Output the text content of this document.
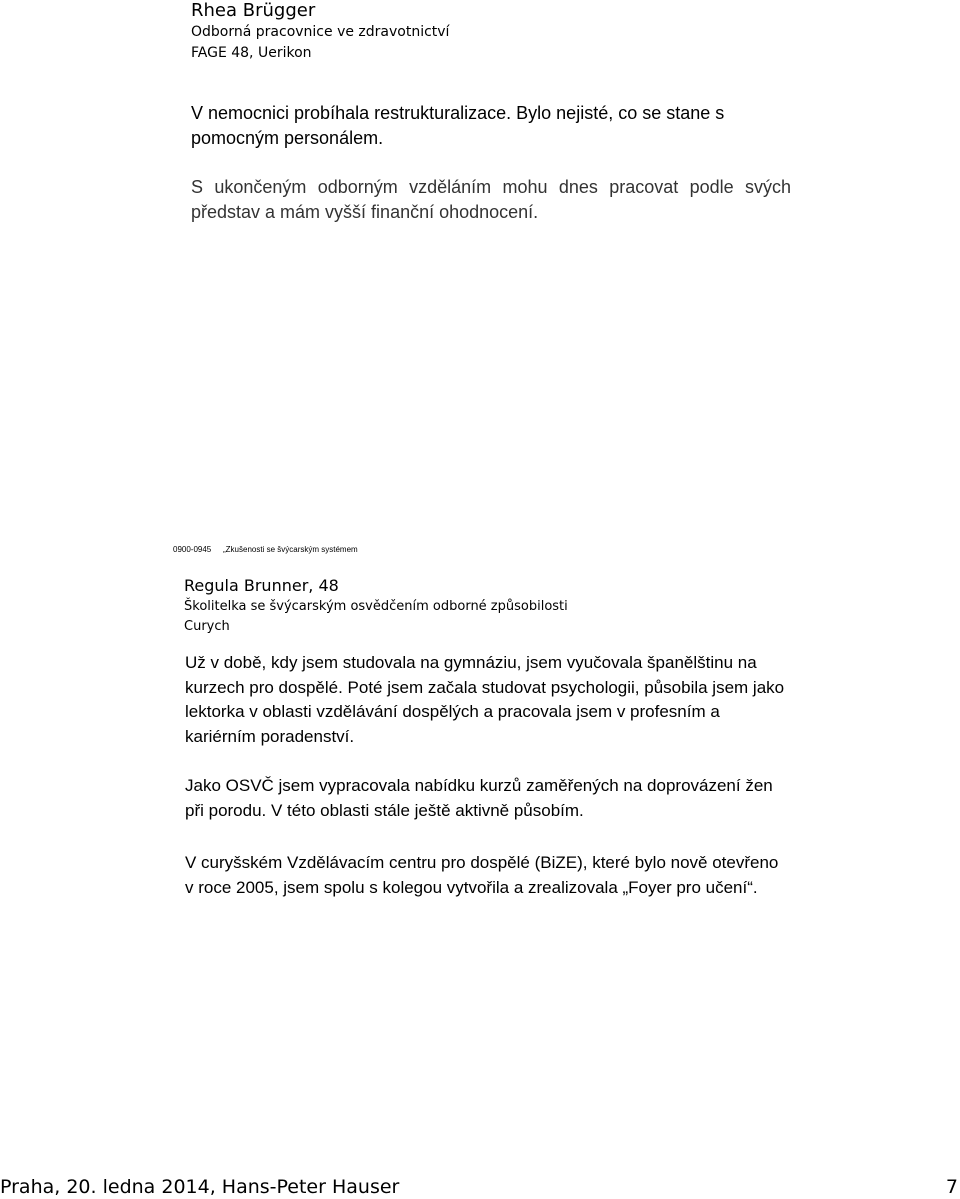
Rhea Brügger
Odborná pracovnice ve zdravotnictví
FAGE 48, Uerikon
V nemocnici probíhala restrukturalizace. Bylo nejisté, co se stane s pomocným personálem.
S ukončeným odborným vzděláním mohu dnes pracovat podle svých představ a mám vyšší finanční ohodnocení.
0900-0945 „Zkušenosti se švýcarským systémem
Regula Brunner, 48
Školitelka se švýcarským osvědčením odborné způsobilosti
Curych
Už v době, kdy jsem studovala na gymnáziu, jsem vyučovala španělštinu na kurzech pro dospělé. Poté jsem začala studovat psychologii, působila jsem jako lektorka v oblasti vzdělávání dospělých a pracovala jsem v profesním a kariérním poradenství.
Jako OSVČ jsem vypracovala nabídku kurzů zaměřených na doprovázení žen při porodu. V této oblasti stále ještě aktivně působím.
V curyšském Vzdělávacím centru pro dospělé (BiZE), které bylo nově otevřeno v roce 2005, jsem spolu s kolegou vytvořila a zrealizovala „Foyer pro učení“.
Praha, 20. ledna 2014, Hans-Peter Hauser	7
